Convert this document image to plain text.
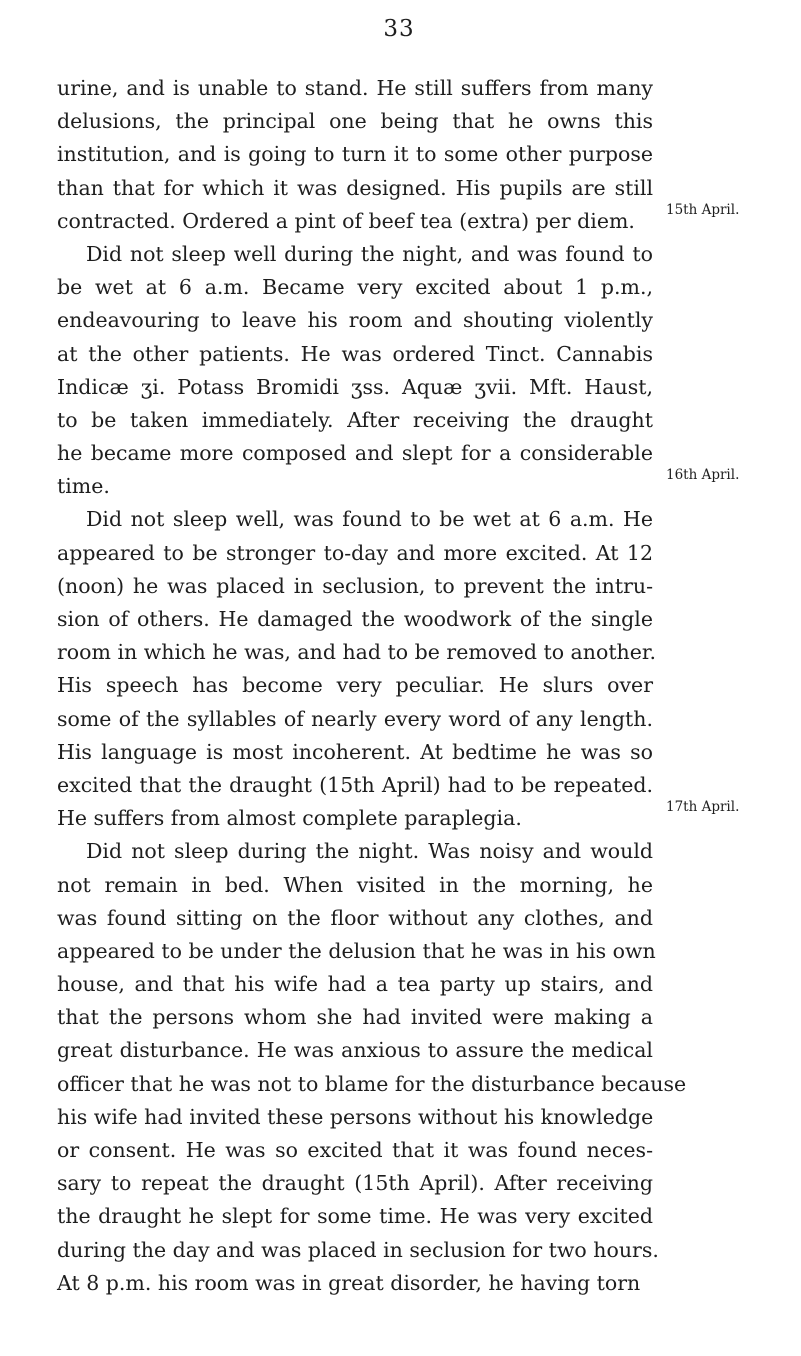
33
15th April.
16th April.
17th April.
urine, and is unable to stand. He still suffers from many
delusions, the principal one being that he owns this
institution, and is going to turn it to some other purpose
than that for which it was designed. His pupils are still
contracted. Ordered a pint of beef tea (extra) per diem.
Did not sleep well during the night, and was found to
be wet at 6 a.m. Became very excited about 1 p.m.,
endeavouring to leave his room and shouting violently
at the other patients. He was ordered Tinct. Cannabis
Indicæ ʒi. Potass Bromidi ʒss. Aquæ ʒvii. Mft. Haust,
to be taken immediately. After receiving the draught
he became more composed and slept for a considerable
time.
Did not sleep well, was found to be wet at 6 a.m. He
appeared to be stronger to-day and more excited. At 12
(noon) he was placed in seclusion, to prevent the intru-
sion of others. He damaged the woodwork of the single
room in which he was, and had to be removed to another.
His speech has become very peculiar. He slurs over
some of the syllables of nearly every word of any length.
His language is most incoherent. At bedtime he was so
excited that the draught (15th April) had to be repeated.
He suffers from almost complete paraplegia.
Did not sleep during the night. Was noisy and would
not remain in bed. When visited in the morning, he
was found sitting on the floor without any clothes, and
appeared to be under the delusion that he was in his own
house, and that his wife had a tea party up stairs, and
that the persons whom she had invited were making a
great disturbance. He was anxious to assure the medical
officer that he was not to blame for the disturbance because
his wife had invited these persons without his knowledge
or consent. He was so excited that it was found neces-
sary to repeat the draught (15th April). After receiving
the draught he slept for some time. He was very excited
during the day and was placed in seclusion for two hours.
At 8 p.m. his room was in great disorder, he having torn
